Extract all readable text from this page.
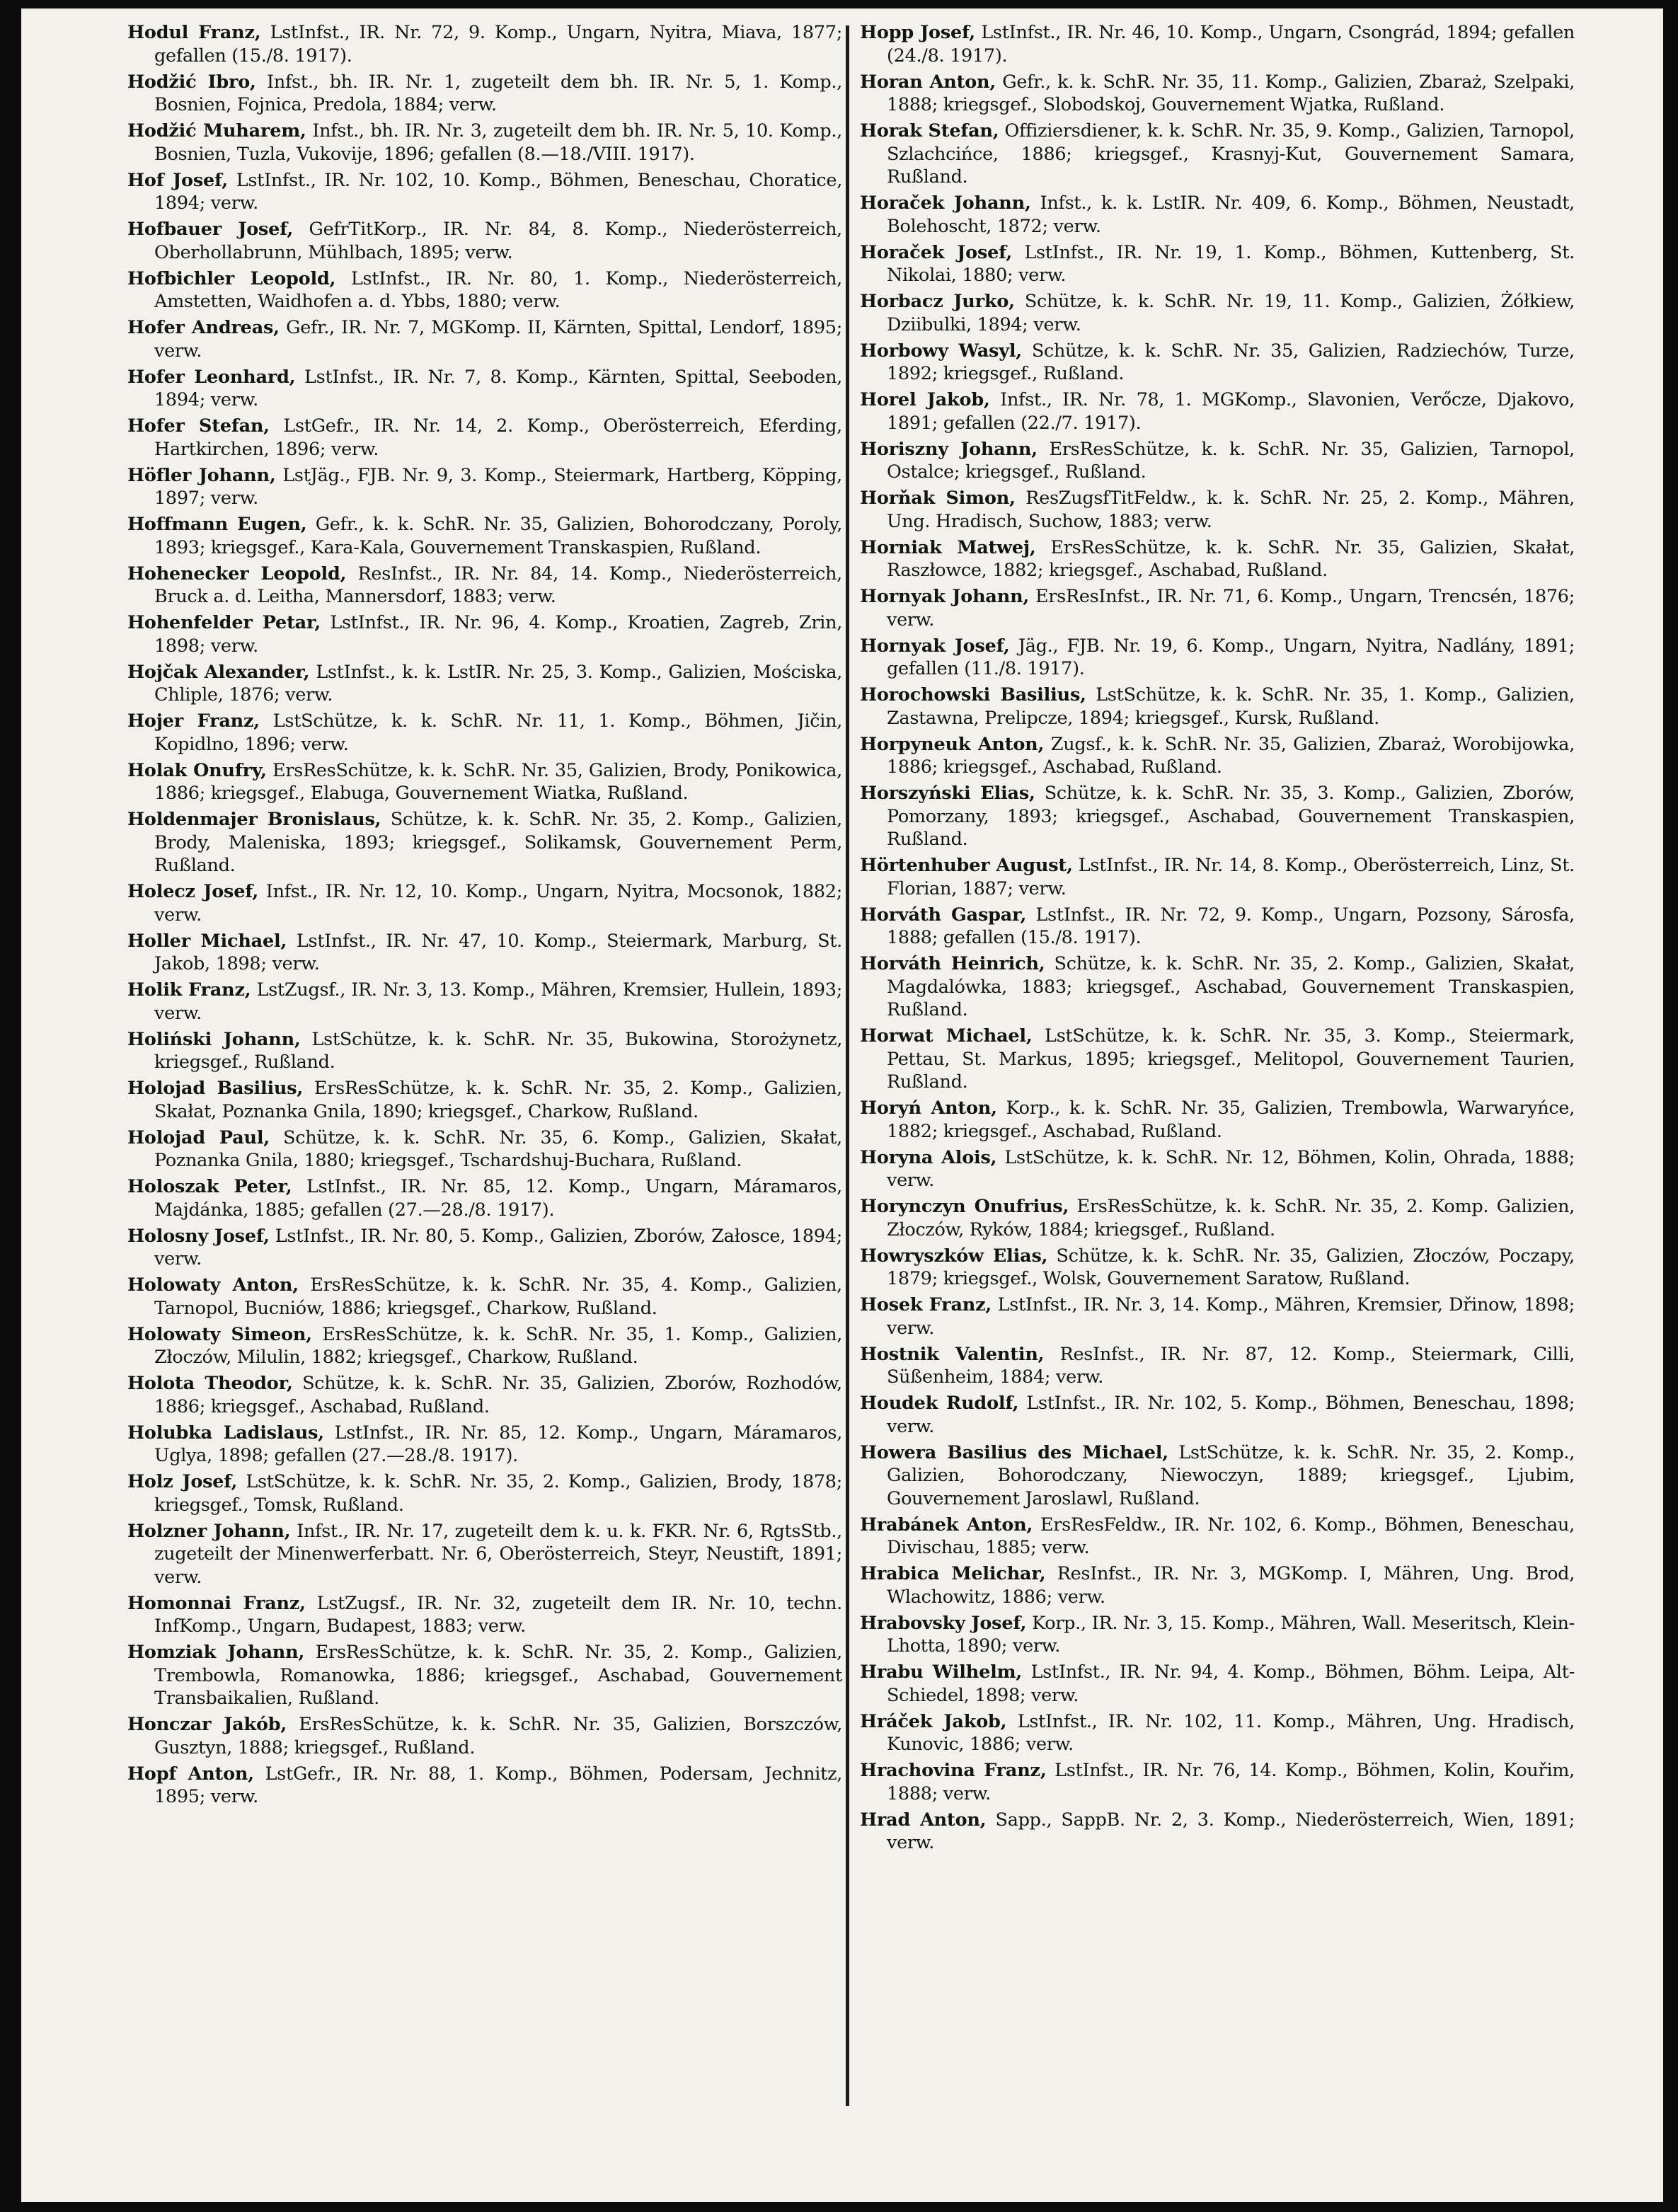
Hodul Franz, LstInfst., IR. Nr. 72, 9. Komp., Ungarn, Nyitra, Miava, 1877; gefallen (15./8. 1917).

Hodžić Ibro, Infst., bh. IR. Nr. 1, zugeteilt dem bh. IR. Nr. 5, 1. Komp., Bosnien, Fojnica, Predola, 1884; verw.

Hodžić Muharem, Infst., bh. IR. Nr. 3, zugeteilt dem bh. IR. Nr. 5, 10. Komp., Bosnien, Tuzla, Vukovije, 1896; gefallen (8.—18./VIII. 1917).

Hof Josef, LstInfst., IR. Nr. 102, 10. Komp., Böhmen, Beneschau, Choratice, 1894; verw.

Hofbauer Josef, GefrTitKorp., IR. Nr. 84, 8. Komp., Niederösterreich, Oberhollabrunn, Mühlbach, 1895; verw.

Hofbichler Leopold, LstInfst., IR. Nr. 80, 1. Komp., Niederösterreich, Amstetten, Waidhofen a. d. Ybbs, 1880; verw.

Hofer Andreas, Gefr., IR. Nr. 7, MGKomp. II, Kärnten, Spittal, Lendorf, 1895; verw.

Hofer Leonhard, LstInfst., IR. Nr. 7, 8. Komp., Kärnten, Spittal, Seeboden, 1894; verw.

Hofer Stefan, LstGefr., IR. Nr. 14, 2. Komp., Oberösterreich, Eferding, Hartkirchen, 1896; verw.

Höfler Johann, LstJäg., FJB. Nr. 9, 3. Komp., Steiermark, Hartberg, Köpping, 1897; verw.

Hoffmann Eugen, Gefr., k. k. SchR. Nr. 35, Galizien, Bohorodczany, Poroly, 1893; kriegsgef., Kara-Kala, Gouvernement Transkaspien, Rußland.

Hohenecker Leopold, ResInfst., IR. Nr. 84, 14. Komp., Niederösterreich, Bruck a. d. Leitha, Mannersdorf, 1883; verw.

Hohenfelder Petar, LstInfst., IR. Nr. 96, 4. Komp., Kroatien, Zagreb, Zrin, 1898; verw.

Hojčak Alexander, LstInfst., k. k. LstIR. Nr. 25, 3. Komp., Galizien, Mościska, Chliple, 1876; verw.

Hojer Franz, LstSchütze, k. k. SchR. Nr. 11, 1. Komp., Böhmen, Jičin, Kopidlno, 1896; verw.

Holak Onufry, ErsResSchütze, k. k. SchR. Nr. 35, Galizien, Brody, Ponikowica, 1886; kriegsgef., Elabuga, Gouvernement Wiatka, Rußland.

Holdenmajer Bronislaus, Schütze, k. k. SchR. Nr. 35, 2. Komp., Galizien, Brody, Maleniska, 1893; kriegsgef., Solikamsk, Gouvernement Perm, Rußland.

Holecz Josef, Infst., IR. Nr. 12, 10. Komp., Ungarn, Nyitra, Mocsonok, 1882; verw.

Holler Michael, LstInfst., IR. Nr. 47, 10. Komp., Steiermark, Marburg, St. Jakob, 1898; verw.

Holik Franz, LstZugsf., IR. Nr. 3, 13. Komp., Mähren, Kremsier, Hullein, 1893; verw.

Holiński Johann, LstSchütze, k. k. SchR. Nr. 35, Bukowina, Storożynetz, kriegsgef., Rußland.

Holojad Basilius, ErsResSchütze, k. k. SchR. Nr. 35, 2. Komp., Galizien, Skałat, Poznanka Gnila, 1890; kriegsgef., Charkow, Rußland.

Holojad Paul, Schütze, k. k. SchR. Nr. 35, 6. Komp., Galizien, Skałat, Poznanka Gnila, 1880; kriegsgef., Tschardshuj-Buchara, Rußland.

Holoszak Peter, LstInfst., IR. Nr. 85, 12. Komp., Ungarn, Máramaros, Majdánka, 1885; gefallen (27.—28./8. 1917).

Holosny Josef, LstInfst., IR. Nr. 80, 5. Komp., Galizien, Zborów, Załosce, 1894; verw.

Holowaty Anton, ErsResSchütze, k. k. SchR. Nr. 35, 4. Komp., Galizien, Tarnopol, Bucniów, 1886; kriegsgef., Charkow, Rußland.

Holowaty Simeon, ErsResSchütze, k. k. SchR. Nr. 35, 1. Komp., Galizien, Złoczów, Milulin, 1882; kriegsgef., Charkow, Rußland.

Holota Theodor, Schütze, k. k. SchR. Nr. 35, Galizien, Zborów, Rozhodów, 1886; kriegsgef., Aschabad, Rußland.

Holubka Ladislaus, LstInfst., IR. Nr. 85, 12. Komp., Ungarn, Máramaros, Uglya, 1898; gefallen (27.—28./8. 1917).

Holz Josef, LstSchütze, k. k. SchR. Nr. 35, 2. Komp., Galizien, Brody, 1878; kriegsgef., Tomsk, Rußland.

Holzner Johann, Infst., IR. Nr. 17, zugeteilt dem k. u. k. FKR. Nr. 6, RgtsStb., zugeteilt der Minenwerferbatt. Nr. 6, Oberösterreich, Steyr, Neustift, 1891; verw.

Homonnai Franz, LstZugsf., IR. Nr. 32, zugeteilt dem IR. Nr. 10, techn. InfKomp., Ungarn, Budapest, 1883; verw.

Homziak Johann, ErsResSchütze, k. k. SchR. Nr. 35, 2. Komp., Galizien, Trembowla, Romanowka, 1886; kriegsgef., Aschabad, Gouvernement Transbaikalien, Rußland.

Honczar Jakób, ErsResSchütze, k. k. SchR. Nr. 35, Galizien, Borszczów, Gusztyn, 1888; kriegsgef., Rußland.

Hopf Anton, LstGefr., IR. Nr. 88, 1. Komp., Böhmen, Podersam, Jechnitz, 1895; verw.

Hopp Josef, LstInfst., IR. Nr. 46, 10. Komp., Ungarn, Csongrád, 1894; gefallen (24./8. 1917).

Horan Anton, Gefr., k. k. SchR. Nr. 35, 11. Komp., Galizien, Zbaraż, Szelpaki, 1888; kriegsgef., Slobodskoj, Gouvernement Wjatka, Rußland.

Horak Stefan, Offiziersdiener, k. k. SchR. Nr. 35, 9. Komp., Galizien, Tarnopol, Szlachcińce, 1886; kriegsgef., Krasnyj-Kut, Gouvernement Samara, Rußland.

Horaček Johann, Infst., k. k. LstIR. Nr. 409, 6. Komp., Böhmen, Neustadt, Bolehoscht, 1872; verw.

Horaček Josef, LstInfst., IR. Nr. 19, 1. Komp., Böhmen, Kuttenberg, St. Nikolai, 1880; verw.

Horbacz Jurko, Schütze, k. k. SchR. Nr. 19, 11. Komp., Galizien, Żółkiew, Dziibulki, 1894; verw.

Horbowy Wasyl, Schütze, k. k. SchR. Nr. 35, Galizien, Radziechów, Turze, 1892; kriegsgef., Rußland.

Horel Jakob, Infst., IR. Nr. 78, 1. MGKomp., Slavonien, Verőcze, Djakovo, 1891; gefallen (22./7. 1917).

Horiszny Johann, ErsResSchütze, k. k. SchR. Nr. 35, Galizien, Tarnopol, Ostalce; kriegsgef., Rußland.

Horňak Simon, ResZugsfTitFeldw., k. k. SchR. Nr. 25, 2. Komp., Mähren, Ung. Hradisch, Suchow, 1883; verw.

Horniak Matwej, ErsResSchütze, k. k. SchR. Nr. 35, Galizien, Skałat, Raszłowce, 1882; kriegsgef., Aschabad, Rußland.

Hornyak Johann, ErsResInfst., IR. Nr. 71, 6. Komp., Ungarn, Trencsén, 1876; verw.

Hornyak Josef, Jäg., FJB. Nr. 19, 6. Komp., Ungarn, Nyitra, Nadlány, 1891; gefallen (11./8. 1917).

Horochowski Basilius, LstSchütze, k. k. SchR. Nr. 35, 1. Komp., Galizien, Zastawna, Prelipcze, 1894; kriegsgef., Kursk, Rußland.

Horpyneuk Anton, Zugsf., k. k. SchR. Nr. 35, Galizien, Zbaraż, Worobijowka, 1886; kriegsgef., Aschabad, Rußland.

Horszyński Elias, Schütze, k. k. SchR. Nr. 35, 3. Komp., Galizien, Zborów, Pomorzany, 1893; kriegsgef., Aschabad, Gouvernement Transkaspien, Rußland.

Hörtenhuber August, LstInfst., IR. Nr. 14, 8. Komp., Oberösterreich, Linz, St. Florian, 1887; verw.

Horváth Gaspar, LstInfst., IR. Nr. 72, 9. Komp., Ungarn, Pozsony, Sárosfa, 1888; gefallen (15./8. 1917).

Horváth Heinrich, Schütze, k. k. SchR. Nr. 35, 2. Komp., Galizien, Skałat, Magdalówka, 1883; kriegsgef., Aschabad, Gouvernement Transkaspien, Rußland.

Horwat Michael, LstSchütze, k. k. SchR. Nr. 35, 3. Komp., Steiermark, Pettau, St. Markus, 1895; kriegsgef., Melitopol, Gouvernement Taurien, Rußland.

Horyń Anton, Korp., k. k. SchR. Nr. 35, Galizien, Trembowla, Warwaryńce, 1882; kriegsgef., Aschabad, Rußland.

Horyna Alois, LstSchütze, k. k. SchR. Nr. 12, Böhmen, Kolin, Ohrada, 1888; verw.

Horynczyn Onufrius, ErsResSchütze, k. k. SchR. Nr. 35, 2. Komp. Galizien, Złoczów, Ryków, 1884; kriegsgef., Rußland.

Howryszków Elias, Schütze, k. k. SchR. Nr. 35, Galizien, Złoczów, Poczapy, 1879; kriegsgef., Wolsk, Gouvernement Saratow, Rußland.

Hosek Franz, LstInfst., IR. Nr. 3, 14. Komp., Mähren, Kremsier, Dřinow, 1898; verw.

Hostnik Valentin, ResInfst., IR. Nr. 87, 12. Komp., Steiermark, Cilli, Süßenheim, 1884; verw.

Houdek Rudolf, LstInfst., IR. Nr. 102, 5. Komp., Böhmen, Beneschau, 1898; verw.

Howera Basilius des Michael, LstSchütze, k. k. SchR. Nr. 35, 2. Komp., Galizien, Bohorodczany, Niewoczyn, 1889; kriegsgef., Ljubim, Gouvernement Jaroslawl, Rußland.

Hrabánek Anton, ErsResFeldw., IR. Nr. 102, 6. Komp., Böhmen, Beneschau, Divischau, 1885; verw.

Hrabica Melichar, ResInfst., IR. Nr. 3, MGKomp. I, Mähren, Ung. Brod, Wlachowitz, 1886; verw.

Hrabovsky Josef, Korp., IR. Nr. 3, 15. Komp., Mähren, Wall. Meseritsch, Klein-Lhotta, 1890; verw.

Hrabu Wilhelm, LstInfst., IR. Nr. 94, 4. Komp., Böhmen, Böhm. Leipa, Alt-Schiedel, 1898; verw.

Hráček Jakob, LstInfst., IR. Nr. 102, 11. Komp., Mähren, Ung. Hradisch, Kunovic, 1886; verw.

Hrachovina Franz, LstInfst., IR. Nr. 76, 14. Komp., Böhmen, Kolin, Kouřim, 1888; verw.

Hrad Anton, Sapp., SappB. Nr. 2, 3. Komp., Niederösterreich, Wien, 1891; verw.
